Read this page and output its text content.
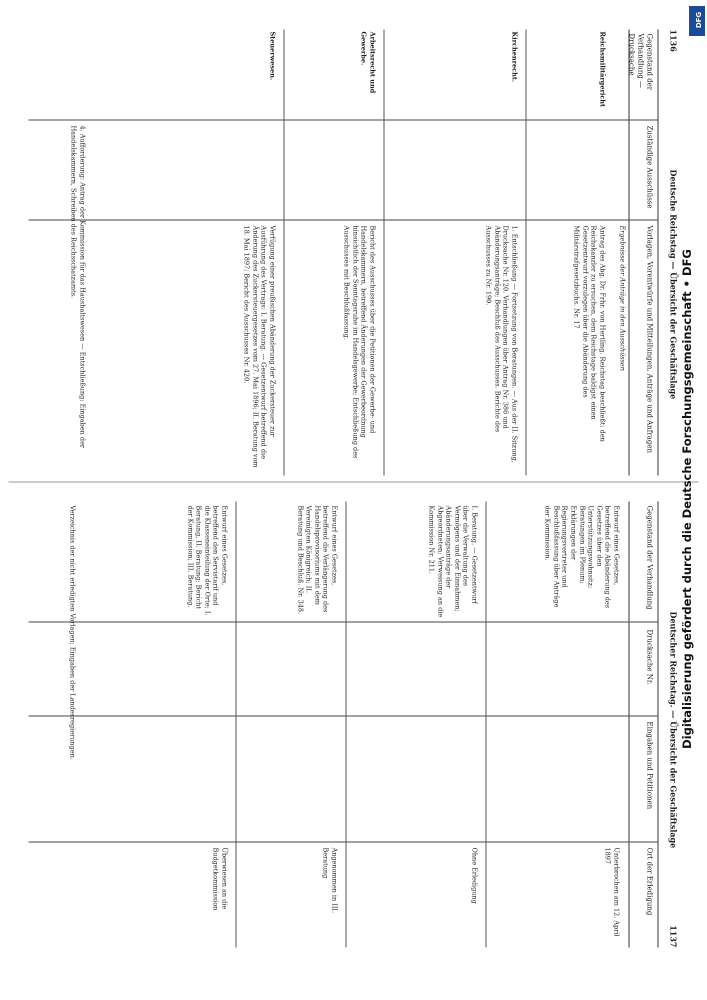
1136
Deutsche Reichstag — Übersicht der Geschäftslage
Gegenstand der Verhandlung — Drucksache
Zuständige Ausschüsse
Vorlagen, Vorentwürfe und Mitteilungen, Anträge und Anfragen
Ergebnisse der Anträge in den Ausschüssen
Reichsmilitärgericht
Antrag des Abg. Dr. Frhr. von Hertling. Reichstag beschließt: den Reichskanzler zu ersuchen, dem Reichstage baldigst einen Gesetzentwurf vorzulegen über die Abänderung des Militärstrafgesetzbuchs. Nr. 17
Kirchenrecht.
1. Entschließung — Fortsetzung von Beratungen. — Aus der II. Sitzung, Drucksache Nr. 120. Verhandlungen über Antrag Nr. 386 und Abänderungsanträge; Beschluß des Ausschusses. Berichte des Ausschusses zu Nr. 190.
Arbeitsrecht und Gewerbe.
Bericht des Ausschusses über die Petitionen der Gewerbe- und Handelskammern, betreffend Änderungen der Gewerbeordnung hinsichtlich der Sonntagsruhe im Handelsgewerbe; Entschließung des Ausschusses mit Beschlußfassung.
Steuerwesen.
Verfügung einer preußischen Abänderung der Zuckersteuer zur Ausführung des Vertrags: I. Beratung. — Gesetzentwurf betreffend die Änderung des Zuckersteuergesetzes vom 27. Mai 1896; II. Beratung vom 18. Mai 1897; Bericht des Ausschusses Nr. 420.
4. Aufforderung: Antrag der Kommission für das Haushaltswesen — Entschließung; Eingaben der Handelskammern, Schreiben des Reichsschatzamts.
Deutscher Reichstag. — Übersicht der Geschäftslage
1137
Gegenstand der Verhandlung
Drucksache Nr.
Eingaben und Petitionen
Ort der Erledigung
Entwurf eines Gesetzes, betreffend die Abänderung des Gesetzes über den Unterstützungswohnsitz; Beratungen im Plenum; Erklärungen der Regierungsvertreter und Beschlußfassung über Anträge der Kommission.
Unterbrochen am 12. April 1897
I. Beratung. — Gesetzentwurf über die Verwaltung des Vermögens und der Einnahmen; Abänderungsanträge der Abgeordneten; Verweisung an die Kommission Nr. 211.
Ohne Erledigung
Entwurf eines Gesetzes, betreffend die Verlängerung des Handelsprovisoriums mit dem Vereinigten Königreich; II. Beratung und Beschluß. Nr. 348.
Angenommen in III. Beratung
Entwurf eines Gesetzes, betreffend den Servistarif und die Klasseneinteilung der Orte; I. Beratung, II. Beratung; Bericht der Kommission; III. Beratung.
Überwiesen an die Budgetkommission
Verzeichnis der nicht erledigten Vorlagen; Eingaben der Landesregierungen.	Digitalisierung gefördert durch die Deutsche Forschungsgemeinschaft • DFG
DFG
